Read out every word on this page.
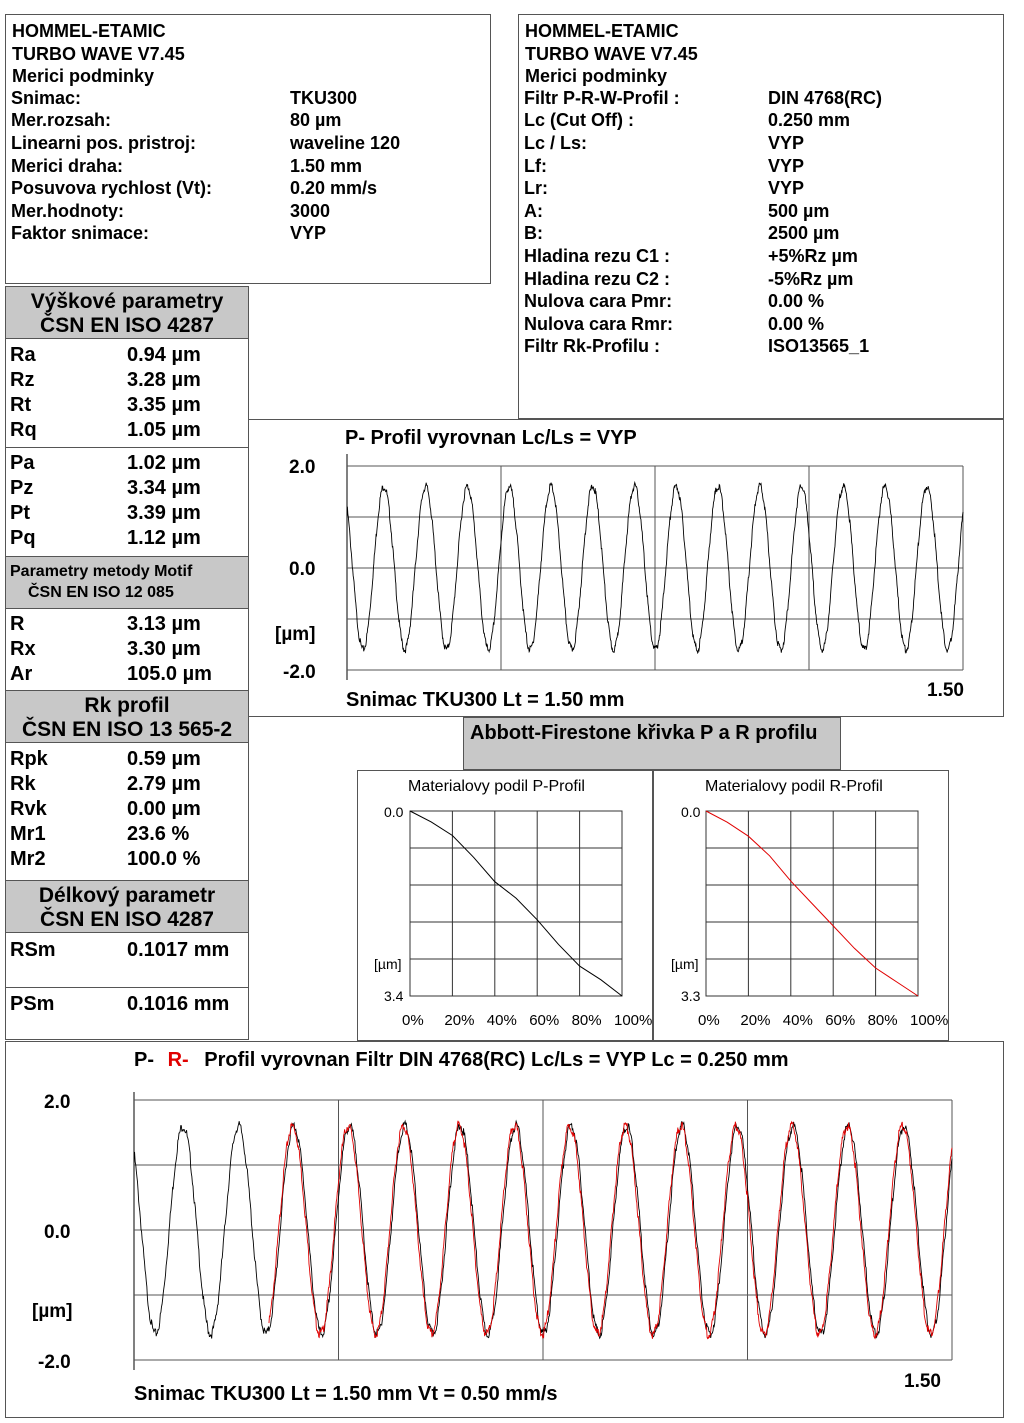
HOMMEL-ETAMIC
TURBO WAVE V7.45
Merici podminky
Snimac:	TKU300
Mer.rozsah:	80 µm
Linearni pos. pristroj:	waveline 120
Merici draha:	1.50 mm
Posuvova rychlost (Vt):	0.20 mm/s
Mer.hodnoty:	3000
Faktor snimace:	VYP
HOMMEL-ETAMIC
TURBO WAVE V7.45
Merici podminky
Filtr P-R-W-Profil :	DIN 4768(RC)
Lc (Cut Off) :	0.250 mm
Lc / Ls:	VYP
Lf:	VYP
Lr:	VYP
A:	500 µm
B:	2500 µm
Hladina rezu C1 :	+5%Rz µm
Hladina rezu C2 :	-5%Rz µm
Nulova cara Pmr:	0.00 %
Nulova cara Rmr:	0.00 %
Filtr Rk-Profilu :	ISO13565_1
Výškové parametry
ČSN EN ISO 4287
Ra	0.94 µm
Rz	3.28 µm
Rt	3.35 µm
Rq	1.05 µm
Pa	1.02 µm
Pz	3.34 µm
Pt	3.39 µm
Pq	1.12 µm
Parametry metody Motif
ČSN EN ISO 12 085
R	3.13 µm
Rx	3.30 µm
Ar	105.0 µm
Rk profil
ČSN EN ISO 13 565-2
Rpk	0.59 µm
Rk	2.79 µm
Rvk	0.00 µm
Mr1	23.6 %
Mr2	100.0 %
Délkový parametr
ČSN EN ISO 4287
RSm	0.1017 mm
PSm	0.1016 mm
P- Profil vyrovnan Lc/Ls = VYP
2.0
0.0
[µm]
-2.0
Snimac TKU300 Lt = 1.50 mm	1.50
Abbott-Firestone křivka P a R profilu
Materialovy podil P-Profil
0.0
[µm]
3.4
0% 20% 40% 60% 80% 100%
Materialovy podil R-Profil
0.0
[µm]
3.3
0% 20% 40% 60% 80% 100%
P- R- Profil vyrovnan Filtr DIN 4768(RC) Lc/Ls = VYP Lc = 0.250 mm
2.0
0.0
[µm]
-2.0
Snimac TKU300 Lt = 1.50 mm Vt = 0.50 mm/s
1.50
